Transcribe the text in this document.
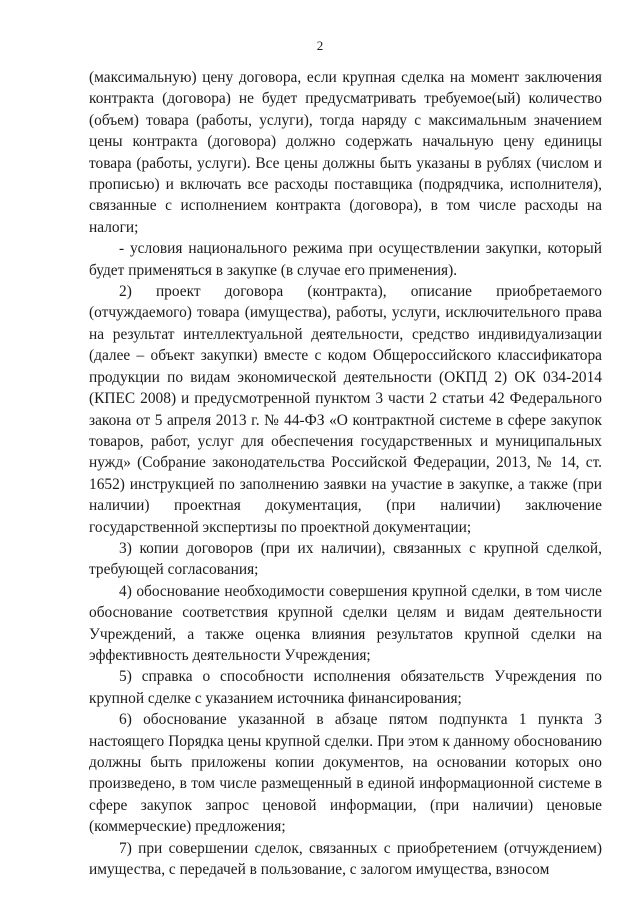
2

(максимальную) цену договора, если крупная сделка на момент заключения контракта (договора) не будет предусматривать требуемое(ый) количество (объем) товара (работы, услуги), тогда наряду с максимальным значением цены контракта (договора) должно содержать начальную цену единицы товара (работы, услуги). Все цены должны быть указаны в рублях (числом и прописью) и включать все расходы поставщика (подрядчика, исполнителя), связанные с исполнением контракта (договора), в том числе расходы на налоги;

- условия национального режима при осуществлении закупки, который будет применяться в закупке (в случае его применения).

2) проект договора (контракта), описание приобретаемого (отчуждаемого) товара (имущества), работы, услуги, исключительного права на результат интеллектуальной деятельности, средство индивидуализации (далее – объект закупки) вместе с кодом Общероссийского классификатора продукции по видам экономической деятельности (ОКПД 2) ОК 034-2014 (КПЕС 2008) и предусмотренной пунктом 3 части 2 статьи 42 Федерального закона от 5 апреля 2013 г. № 44-ФЗ «О контрактной системе в сфере закупок товаров, работ, услуг для обеспечения государственных и муниципальных нужд» (Собрание законодательства Российской Федерации, 2013, № 14, ст. 1652) инструкцией по заполнению заявки на участие в закупке, а также (при наличии) проектная документация, (при наличии) заключение государственной экспертизы по проектной документации;

3) копии договоров (при их наличии), связанных с крупной сделкой, требующей согласования;

4) обоснование необходимости совершения крупной сделки, в том числе обоснование соответствия крупной сделки целям и видам деятельности Учреждений, а также оценка влияния результатов крупной сделки на эффективность деятельности Учреждения;

5) справка о способности исполнения обязательств Учреждения по крупной сделке с указанием источника финансирования;

6) обоснование указанной в абзаце пятом подпункта 1 пункта 3 настоящего Порядка цены крупной сделки. При этом к данному обоснованию должны быть приложены копии документов, на основании которых оно произведено, в том числе размещенный в единой информационной системе в сфере закупок запрос ценовой информации, (при наличии) ценовые (коммерческие) предложения;

7) при совершении сделок, связанных с приобретением (отчуждением) имущества, с передачей в пользование, с залогом имущества, взносом
